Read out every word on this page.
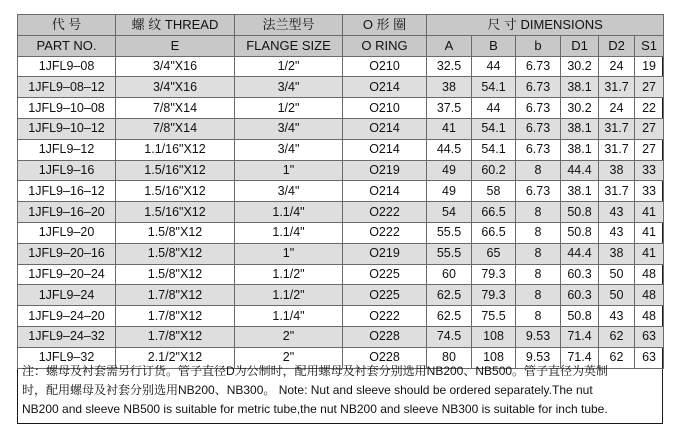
代 号	螺 纹 THREAD	法兰型号	O 形 圈	尺 寸 DIMENSIONS					
PART NO.	E	FLANGE SIZE	O RING	A	B	b	D1	D2	S1
1JFL9–08	3/4"X16	1/2"	O210	32.5	44	6.73	30.2	24	19
1JFL9–08–12	3/4"X16	3/4"	O214	38	54.1	6.73	38.1	31.7	27
1JFL9–10–08	7/8"X14	1/2"	O210	37.5	44	6.73	30.2	24	22
1JFL9–10–12	7/8"X14	3/4"	O214	41	54.1	6.73	38.1	31.7	27
1JFL9–12	1.1/16"X12	3/4"	O214	44.5	54.1	6.73	38.1	31.7	27
1JFL9–16	1.5/16"X12	1"	O219	49	60.2	8	44.4	38	33
1JFL9–16–12	1.5/16"X12	3/4"	O214	49	58	6.73	38.1	31.7	33
1JFL9–16–20	1.5/16"X12	1.1/4"	O222	54	66.5	8	50.8	43	41
1JFL9–20	1.5/8"X12	1.1/4"	O222	55.5	66.5	8	50.8	43	41
1JFL9–20–16	1.5/8"X12	1"	O219	55.5	65	8	44.4	38	41
1JFL9–20–24	1.5/8"X12	1.1/2"	O225	60	79.3	8	60.3	50	48
1JFL9–24	1.7/8"X12	1.1/2"	O225	62.5	79.3	8	60.3	50	48
1JFL9–24–20	1.7/8"X12	1.1/4"	O222	62.5	75.5	8	50.8	43	48
1JFL9–24–32	1.7/8"X12	2"	O228	74.5	108	9.53	71.4	62	63
1JFL9–32	2.1/2"X12	2"	O228	80	108	9.53	71.4	62	63
注：螺母及衬套需另行订货。管子直径D为公制时，配用螺母及衬套分别选用NB200、NB500。管子直径为英制
时，配用螺母及衬套分别选用NB200、NB300。 Note: Nut and sleeve should be ordered separately.The nut
NB200 and sleeve NB500 is suitable for metric tube,the nut NB200 and sleeve NB300 is suitable for inch tube.
